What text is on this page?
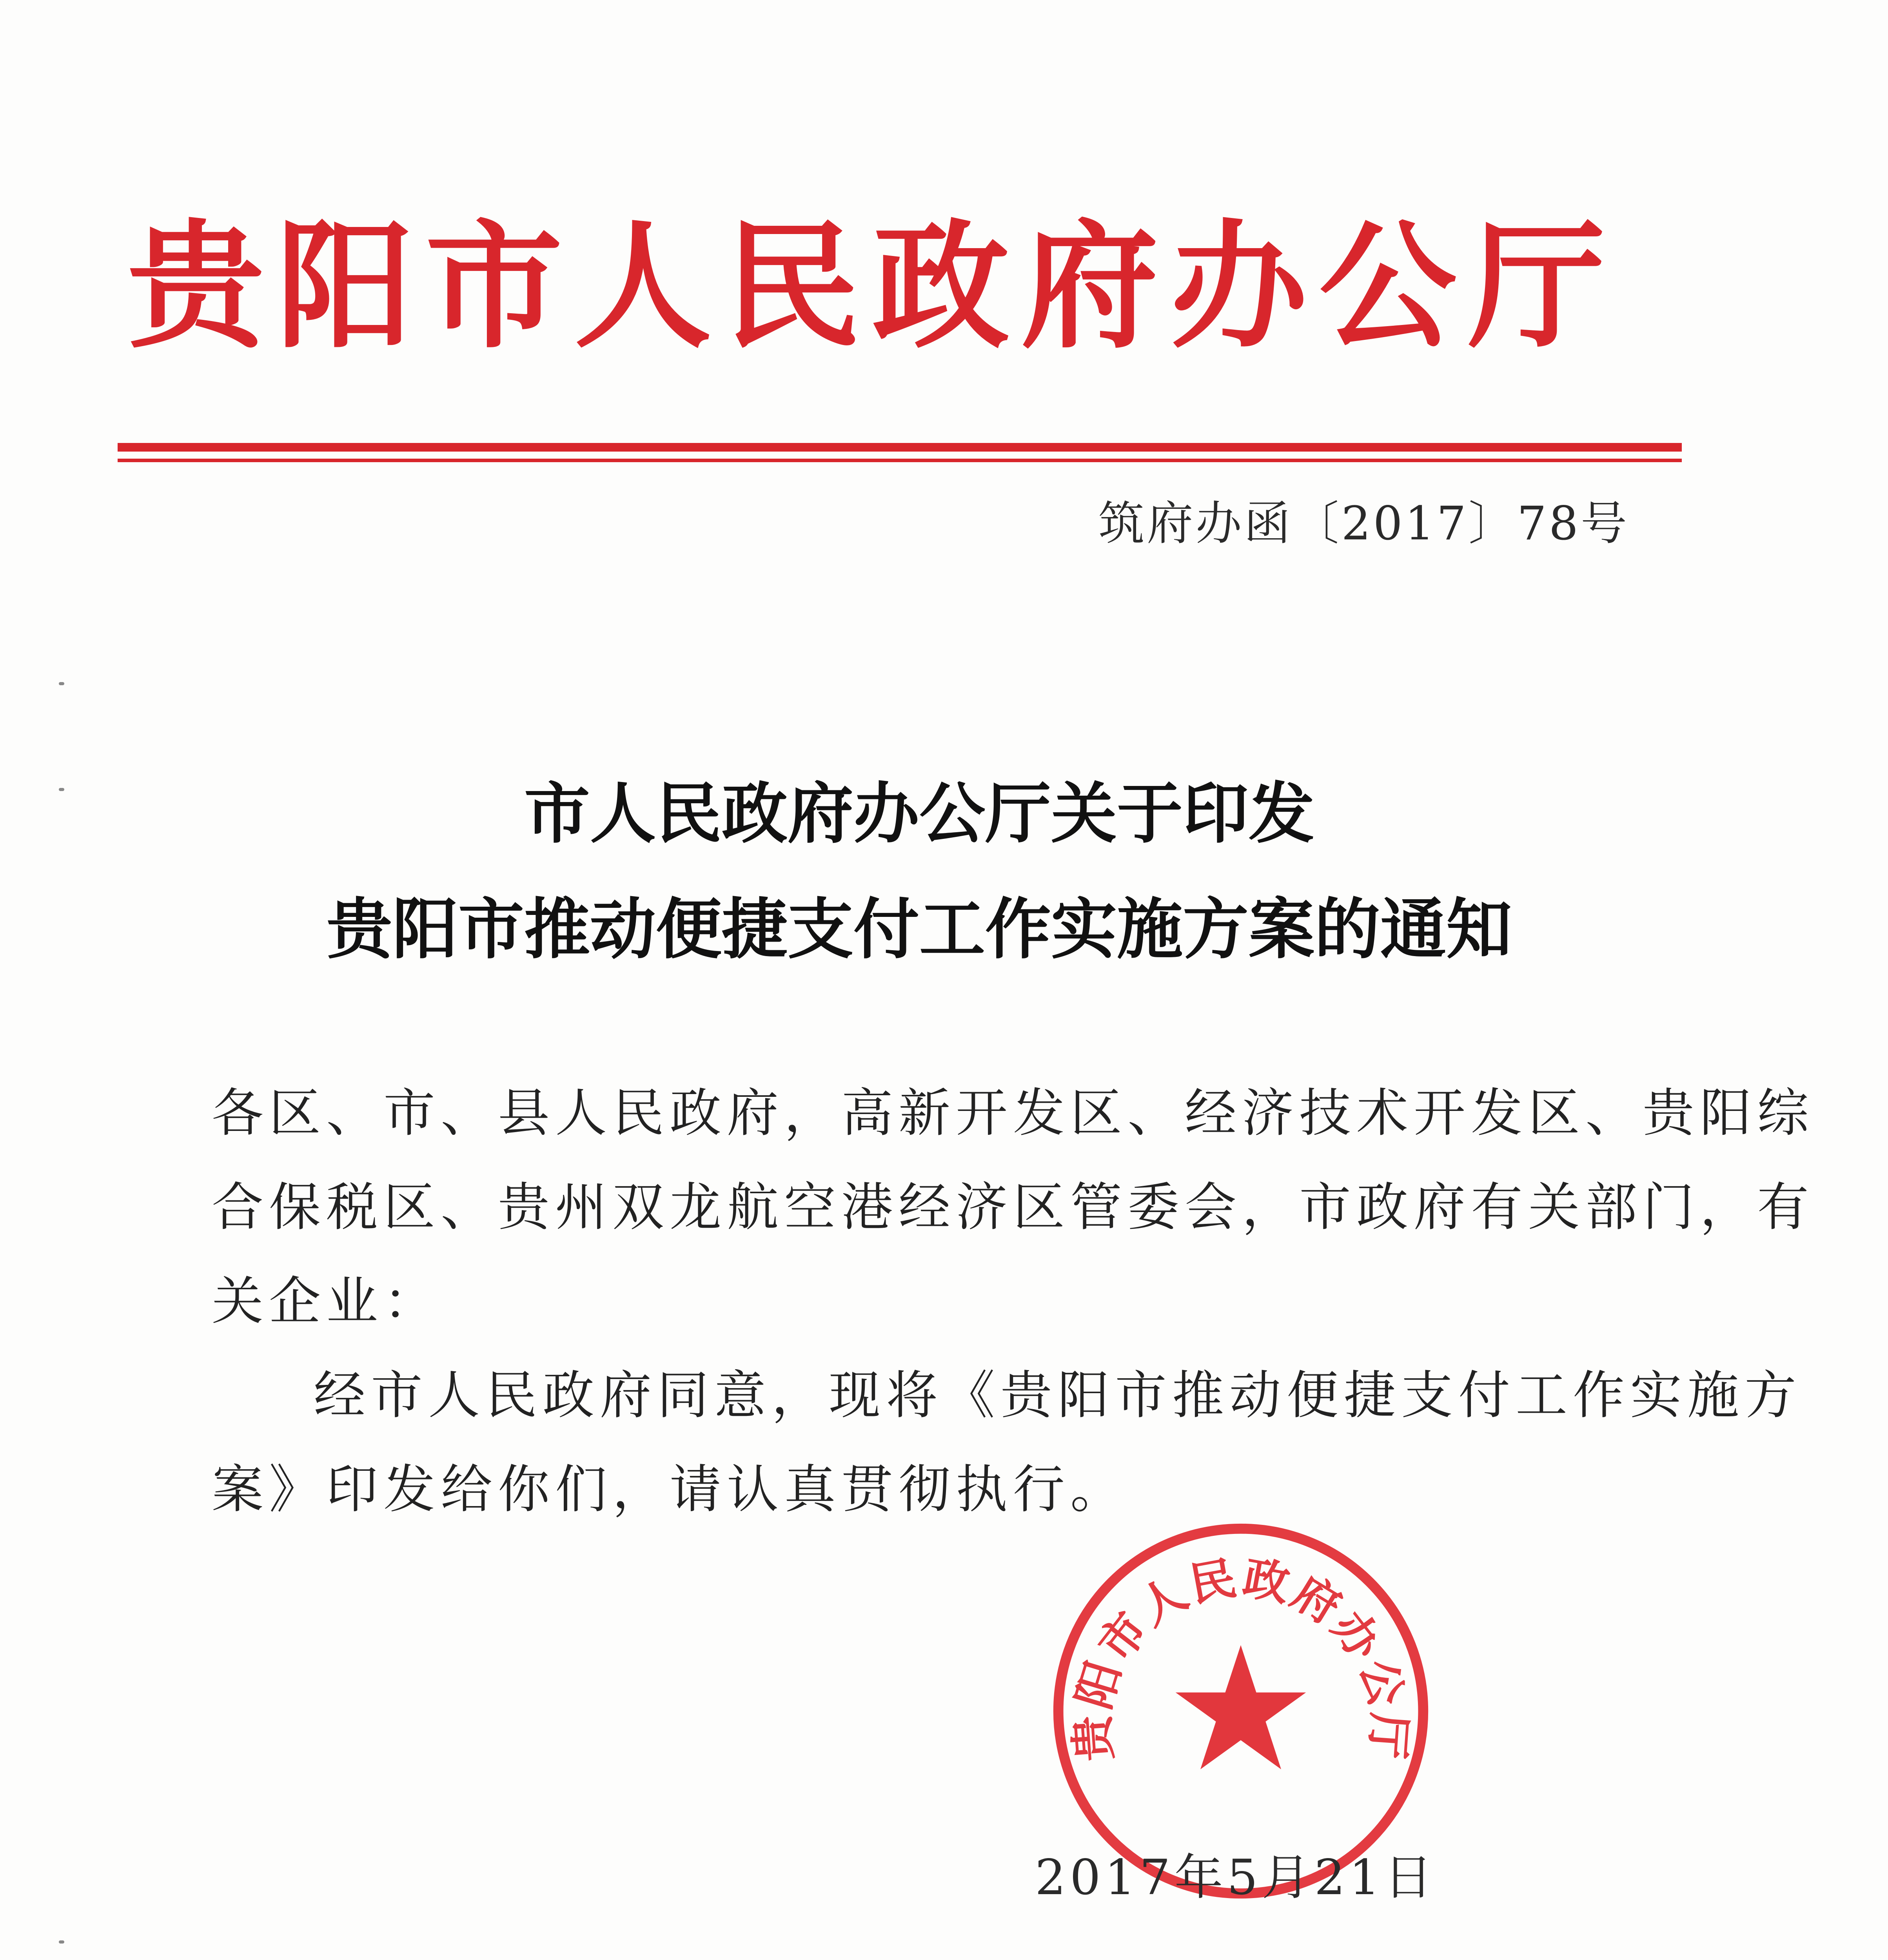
贵阳市人民政府办公厅
筑府办函〔2017〕78号
市人民政府办公厅关于印发
贵阳市推动便捷支付工作实施方案的通知
各区、市、县人民政府，高新开发区、经济技术开发区、贵阳综
合保税区、贵州双龙航空港经济区管委会，市政府有关部门，有
关企业：
经市人民政府同意，现将《贵阳市推动便捷支付工作实施方
案》印发给你们，请认真贯彻执行。
贵阳市人民政府办公厅
2017年5月21日
